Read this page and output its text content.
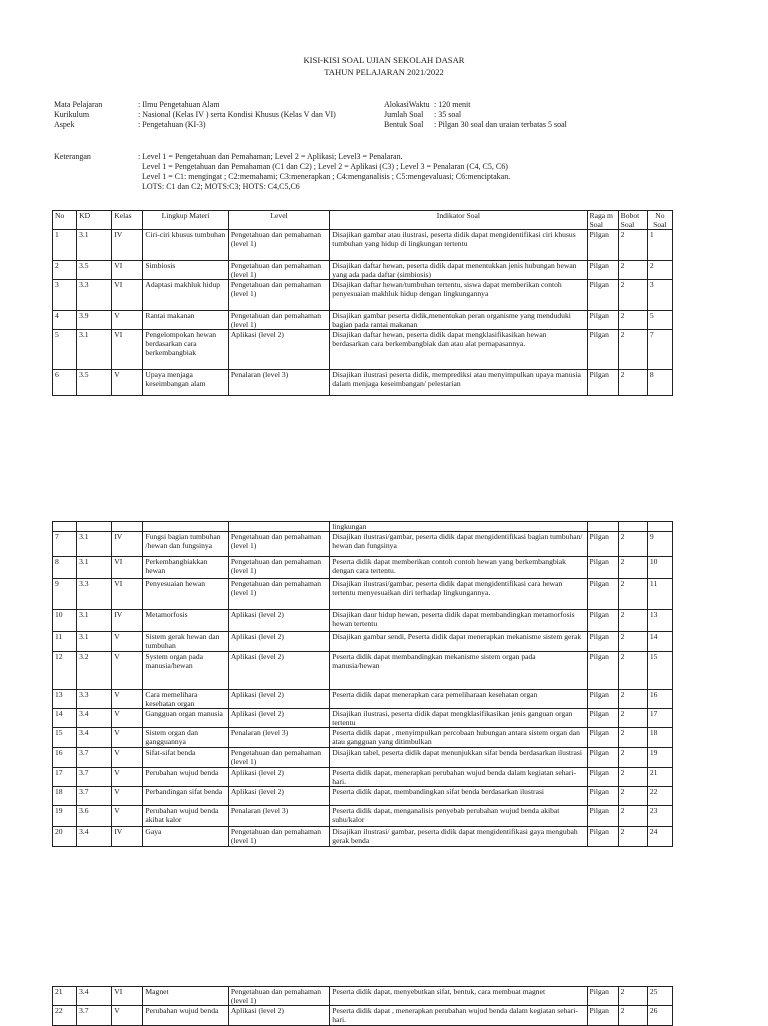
KISI-KISI SOAL UJIAN SEKOLAH DASAR
TAHUN PELAJARAN 2021/2022
Mata Pelajaran	: Ilmu Pengetahuan Alam	AlokasiWaktu : 120 menit
Kurikulum	: Nasional (Kelas IV ) serta Kondisi Khusus (Kelas V dan VI)	Jumlah Soal	: 35 soal
Aspek	: Pengetahuan (KI-3)	Bentuk Soal	: Pilgan 30 soal dan uraian terbatas 5 soal
Keterangan	: Level 1 = Pengetahuan dan Pemahaman; Level 2 = Aplikasi; Level3 = Penalaran.
Level 1 = Pengetahuan dan Pemahaman (C1 dan C2) ; Level 2 = Aplikasi (C3) ; Level 3 = Penalaran (C4, C5, C6)
Level 1 = C1: mengingat ; C2:memahami; C3:menerapkan ; C4:menganalisis ; C5:mengevaluasi; C6:menciptakan.
LOTS: C1 dan C2; MOTS:C3; HOTS: C4,C5,C6
No	KD	Kelas	Lingkup Materi	Level	Indikator Soal	Raga m Soal	Bobot Soal	No Soal
1	3.1	IV	Ciri-ciri khusus tumbuhan	Pengetahuan dan pemahaman (level 1)	Disajikan gambar atau ilustrasi, peserta didik dapat mengidentifikasi ciri khusus tumbuhan yang hidup di lingkungan tertentu	Pilgan	2	1
2	3.5	VI	Simbiosis	Pengetahuan dan pemahaman (level 1)	Disajikan daftar hewan, peserta didik dapat menentukkan jenis hubungan hewan yang ada pada daftar (simbiosis)	Pilgan	2	2
3	3.3	VI	Adaptasi makhluk hidup	Pengetahuan dan pemahaman (level 1)	Disajikan daftar hewan/tumbuhan tertentu, siswa dapat memberikan contoh penyesuaian makhluk hidup dengan lingkungannya	Pilgan	2	3
4	3.9	V	Rantai makanan	Pengetahuan dan pemahaman (level 1)	Disajikan gambar peserta didik,menentukan peran organisme yang menduduki bagian pada rantai makanan	Pilgan	2	5
5	3.1	VI	Pengelompokan hewan berdasarkan cara berkembangbiak	Aplikasi (level 2)	Disajikan daftar hewan, peserta didik dapat mengklasifikasikan hewan berdasarkan cara berkembangbiak dan atau alat pernapasannya.	Pilgan	2	7
6	3.5	V	Upaya menjaga keseimbangan alam	Penalaran (level 3)	Disajikan ilustrasi peserta didik, memprediksi atau menyimpulkan upaya manusia dalam menjaga keseimbangan/ pelestarian	Pilgan	2	8
					lingkungan			
7	3.1	IV	Fungsi bagian tumbuhan /hewan dan fungsinya	Pengetahuan dan pemahaman (level 1)	Disajikan ilustrasi/gambar, peserta didik dapat mengidentifikasi bagian tumbuhan/ hewan dan fungsinya	Pilgan	2	9
8	3.1	VI	Perkembangbiakkan hewan	Pengetahuan dan pemahaman (level 1)	Peserta didik dapat memberikan contoh contoh hewan yang berkembangbiak dengan cara tertentu.	Pilgan	2	10
9	3.3	VI	Penyesuaian hewan	Pengetahuan dan pemahaman (level 1)	Disajikan ilustrasi/gambar, peserta didik dapat mengidentifikasi cara hewan tertentu menyesuaikan diri terhadap lingkungannya.	Pilgan	2	11
10	3.1	IV	Metamorfosis	Aplikasi (level 2)	Disajikan daur hidup hewan, peserta didik dapat membandingkan metamorfosis hewan tertentu	Pilgan	2	13
11	3.1	V	Sistem gerak hewan dan tumbuhan	Aplikasi (level 2)	Disajikan gambar sendi, Peserta didik dapat menerapkan mekanisme sistem gerak	Pilgan	2	14
12	3.2	V	System organ pada manusia/hewan	Aplikasi (level 2)	Peserta didik dapat membandingkan mekanisme sistem organ pada manusia/hewan	Pilgan	2	15
13	3.3	V	Cara memelihara kesehatan organ	Aplikasi (level 2)	Peserta didik dapat menerapkan cara pemeliharaan kesehatan organ	Pilgan	2	16
14	3.4	V	Gangguan organ manusia	Aplikasi (level 2)	Disajikan ilustrasi, peserta didik dapat mengklasifikasikan jenis ganguan organ tertentu	Pilgan	2	17
15	3.4	V	Sistem organ dan gangguannya	Penalaran (level 3)	Peserta didik dapat , menyimpulkan percobaan hubungan antara sistem organ dan atau gangguan yang ditimbulkan	Pilgan	2	18
16	3.7	V	Sifat-sifat benda	Pengetahuan dan pemahaman (level 1)	Disajikan tabel, peserta didik dapat menunjukkan sifat benda berdasarkan ilustrasi	Pilgan	2	19
17	3.7	V	Perubahan wujud benda	Aplikasi (level 2)	Peserta didik dapat, menerapkan perubahan wujud benda dalam kegiatan sehari-hari.	Pilgan	2	21
18	3.7	V	Perbandingan sifat benda	Aplikasi (level 2)	Peserta didik dapat, membandingkan sifat benda berdasarkan ilustrasi	Pilgan	2	22
19	3.6	V	Perubahan wujud benda akibat kalor	Penalaran (level 3)	Peserta didik dapat, menganalisis penyebab perubahan wujud benda akibat suhu/kalor	Pilgan	2	23
20	3.4	IV	Gaya	Pengetahuan dan pemahaman (level 1)	Disajikan ilustrasi/ gambar, peserta didik dapat mengidentifikasi gaya mengubah gerak benda	Pilgan	2	24
21	3.4	VI	Magnet	Pengetahuan dan pemahaman (level 1)	Peserta didik dapat, menyebutkan sifat, bentuk, cara membuat magnet	Pilgan	2	25
22	3.7	V	Perubahan wujud benda	Aplikasi (level 2)	Peserta didik dapat , menerapkan perubahan wujud benda dalam kegiatan sehari-hari.	Pilgan	2	26
